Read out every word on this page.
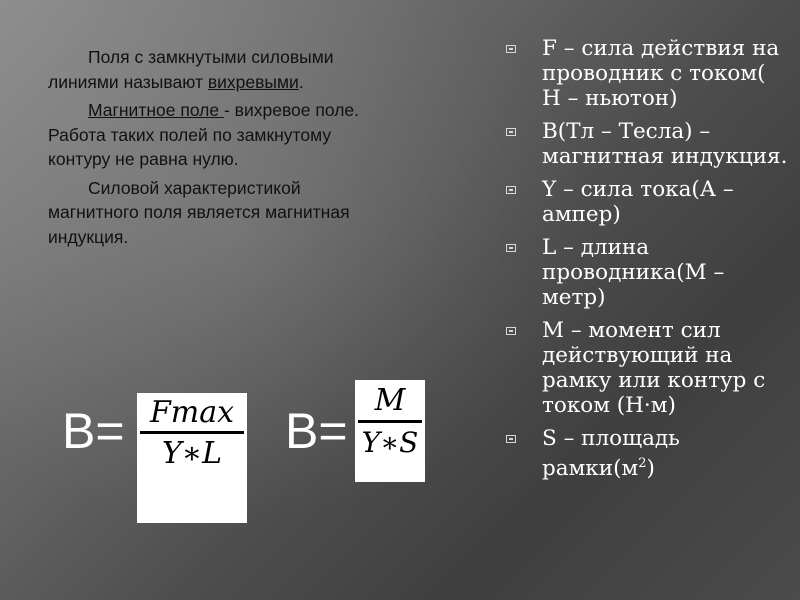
Поля с замкнутыми силовыми линиями называют вихревыми.

Магнитное поле - вихревое поле. Работа таких полей по замкнутому контуру не равна нулю.

Силовой характеристикой магнитного поля является магнитная индукция.

B= Fmax
Y∗L	B=
M
Y∗S
F – сила действия на проводник с током( Н – ньютон)
B(Тл – Тесла) – магнитная индукция.
Y – сила тока(А – ампер)
L – длина проводника(М – метр)
M – момент сил действующий на рамку или контур с током (Н·м)
S – площадь $рамки(м^2)$
